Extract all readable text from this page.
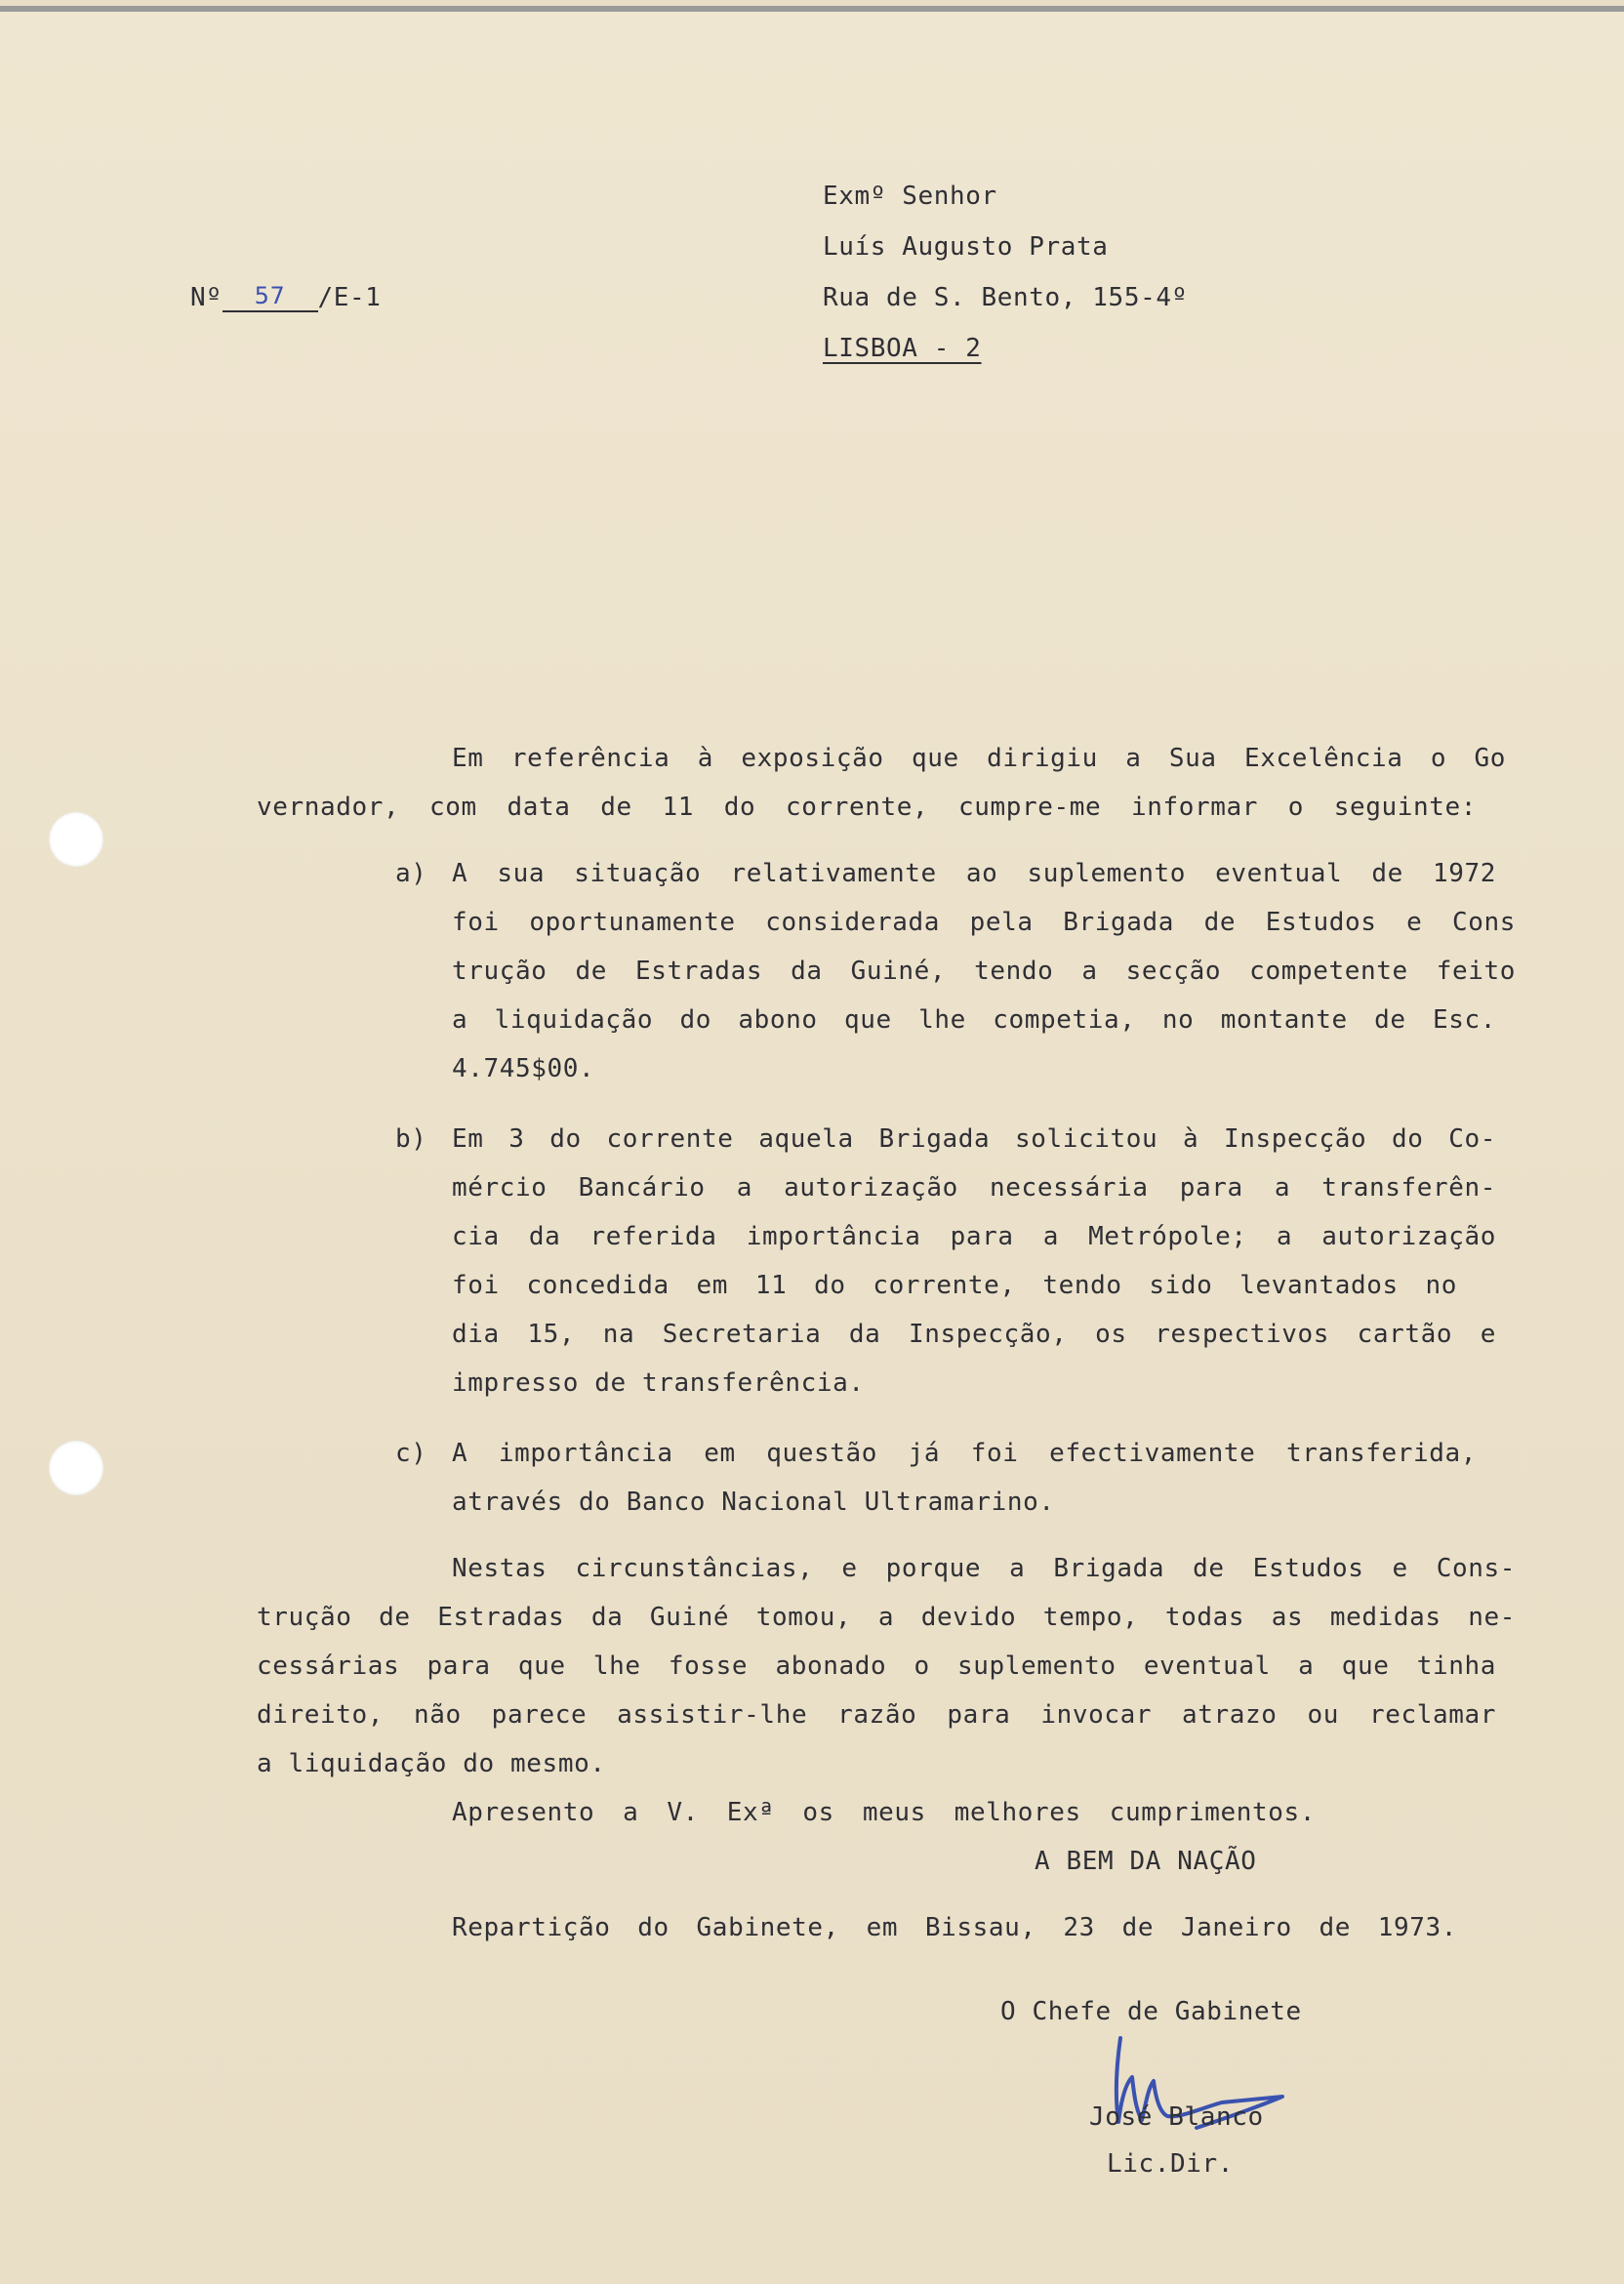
Nº 57 /E-1
Exmº Senhor
Luís Augusto Prata
Rua de S. Bento, 155-4º
LISBOA - 2
Em referência à exposição que dirigiu a Sua Excelência o Go
vernador, com data de 11 do corrente, cumpre-me informar o seguinte:
a) A sua situação relativamente ao suplemento eventual de 1972
foi oportunamente considerada pela Brigada de Estudos e Cons
trução de Estradas da Guiné, tendo a secção competente feito
a liquidação do abono que lhe competia, no montante de Esc.
4.745$00.
b) Em 3 do corrente aquela Brigada solicitou à Inspecção do Co-
mércio Bancário a autorização necessária para a transferên-
cia da referida importância para a Metrópole; a autorização
foi concedida em 11 do corrente, tendo sido levantados no
dia 15, na Secretaria da Inspecção, os respectivos cartão e
impresso de transferência.
c) A importância em questão já foi efectivamente transferida,
através do Banco Nacional Ultramarino.
Nestas circunstâncias, e porque a Brigada de Estudos e Cons-
trução de Estradas da Guiné tomou, a devido tempo, todas as medidas ne-
cessárias para que lhe fosse abonado o suplemento eventual a que tinha
direito, não parece assistir-lhe razão para invocar atrazo ou reclamar
a liquidação do mesmo.
Apresento a V. Exª os meus melhores cumprimentos.
A BEM DA NAÇÃO
Repartição do Gabinete, em Bissau, 23 de Janeiro de 1973.
O Chefe de Gabinete
José Blanco
Lic.Dir.
